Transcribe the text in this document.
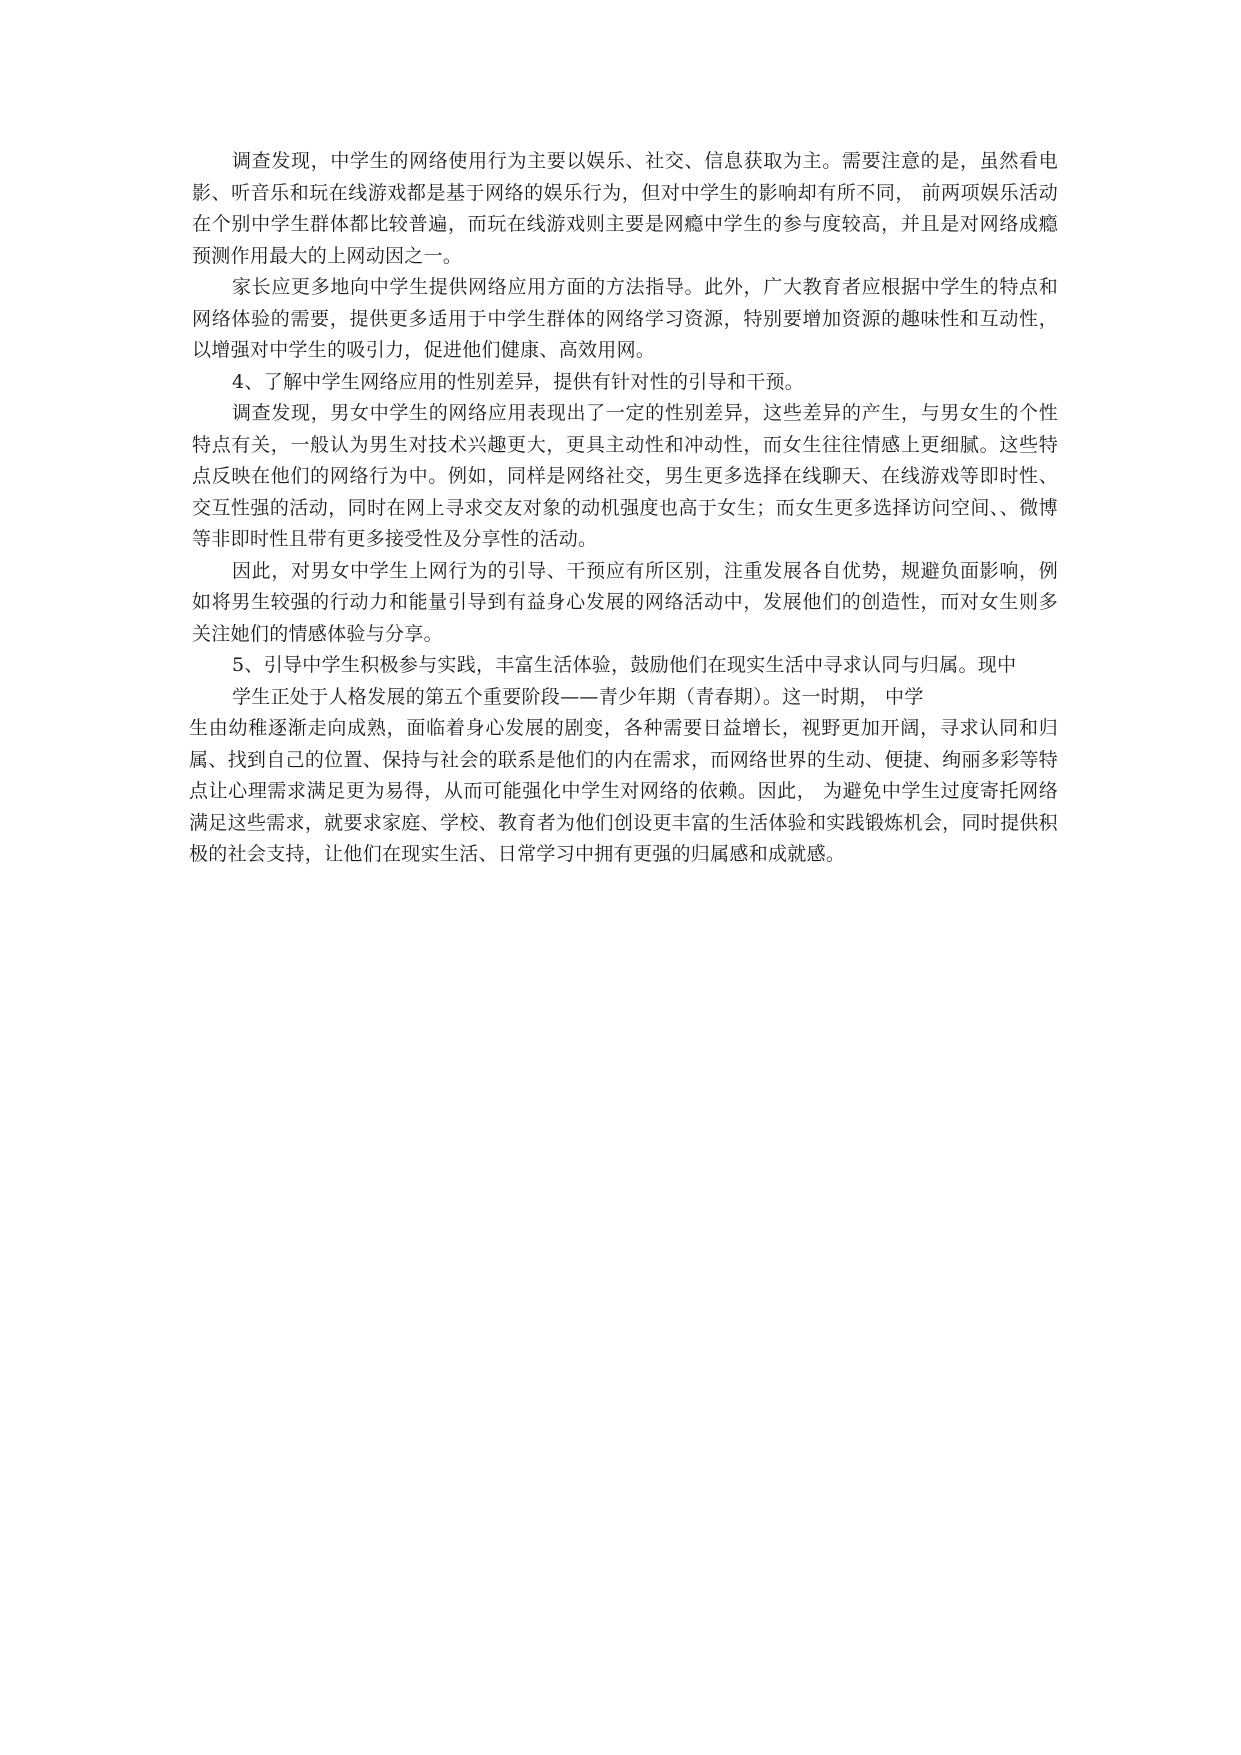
调查发现，中学生的网络使用行为主要以娱乐、社交、信息获取为主。需要注意的是，虽然看电影、听音乐和玩在线游戏都是基于网络的娱乐行为，但对中学生的影响却有所不同， 前两项娱乐活动在个别中学生群体都比较普遍，而玩在线游戏则主要是网瘾中学生的参与度较高，并且是对网络成瘾预测作用最大的上网动因之一。

家长应更多地向中学生提供网络应用方面的方法指导。此外，广大教育者应根据中学生的特点和网络体验的需要，提供更多适用于中学生群体的网络学习资源，特别要增加资源的趣味性和互动性，以增强对中学生的吸引力，促进他们健康、高效用网。

4、了解中学生网络应用的性别差异，提供有针对性的引导和干预。

调查发现，男女中学生的网络应用表现出了一定的性别差异，这些差异的产生，与男女生的个性特点有关，一般认为男生对技术兴趣更大，更具主动性和冲动性，而女生往往情感上更细腻。这些特点反映在他们的网络行为中。例如，同样是网络社交，男生更多选择在线聊天、在线游戏等即时性、交互性强的活动，同时在网上寻求交友对象的动机强度也高于女生；而女生更多选择访问空间、、微博等非即时性且带有更多接受性及分享性的活动。

因此，对男女中学生上网行为的引导、干预应有所区别，注重发展各自优势，规避负面影响，例如将男生较强的行动力和能量引导到有益身心发展的网络活动中，发展他们的创造性，而对女生则多关注她们的情感体验与分享。

5、引导中学生积极参与实践，丰富生活体验，鼓励他们在现实生活中寻求认同与归属。现中

学生正处于人格发展的第五个重要阶段——青少年期（青春期）。这一时期， 中学

生由幼稚逐渐走向成熟，面临着身心发展的剧变，各种需要日益增长，视野更加开阔，寻求认同和归属、找到自己的位置、保持与社会的联系是他们的内在需求，而网络世界的生动、便捷、绚丽多彩等特点让心理需求满足更为易得，从而可能强化中学生对网络的依赖。因此， 为避免中学生过度寄托网络满足这些需求，就要求家庭、学校、教育者为他们创设更丰富的生活体验和实践锻炼机会，同时提供积极的社会支持，让他们在现实生活、日常学习中拥有更强的归属感和成就感。
